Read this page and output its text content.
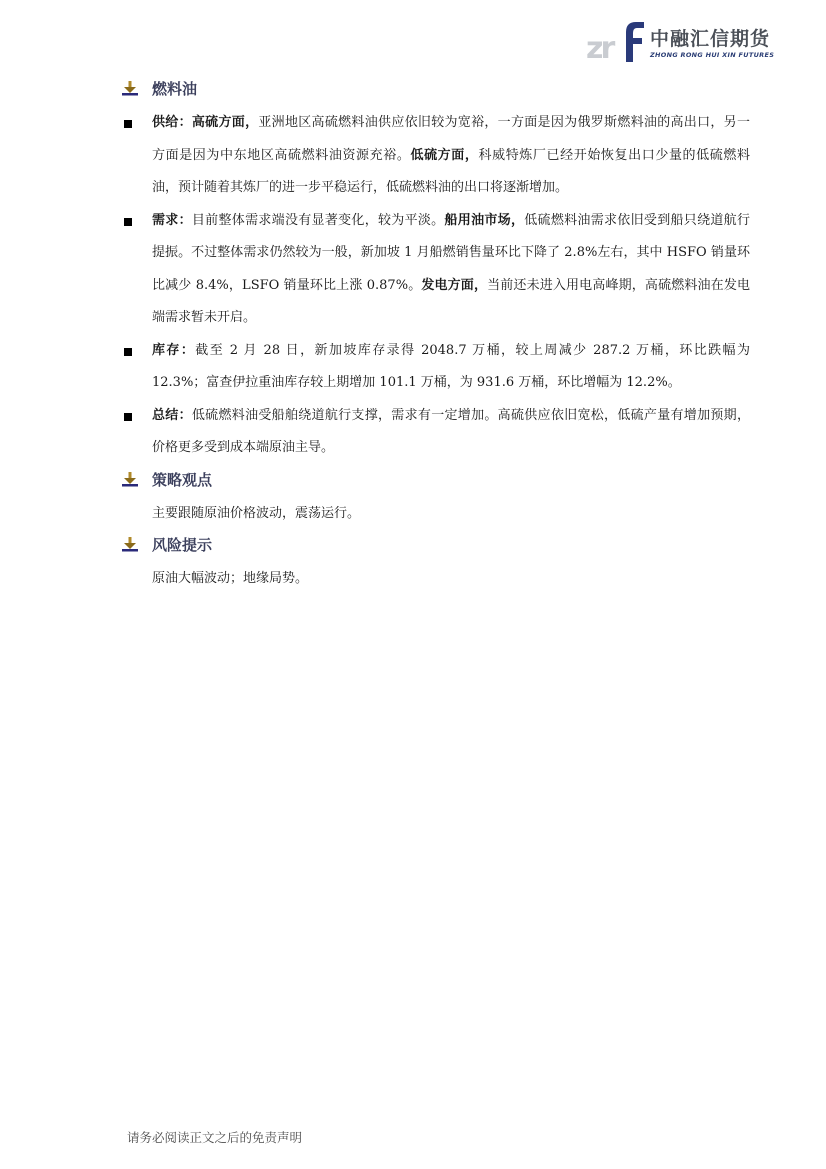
zr 中融汇信期货
ZHONG RONG HUI XIN FUTURES
燃料油
供给：高硫方面，亚洲地区高硫燃料油供应依旧较为宽裕，一方面是因为俄罗斯燃料油的高出口，另一方面是因为中东地区高硫燃料油资源充裕。低硫方面，科威特炼厂已经开始恢复出口少量的低硫燃料油，预计随着其炼厂的进一步平稳运行，低硫燃料油的出口将逐渐增加。
需求：目前整体需求端没有显著变化，较为平淡。船用油市场，低硫燃料油需求依旧受到船只绕道航行提振。不过整体需求仍然较为一般，新加坡 1 月船燃销售量环比下降了 2.8%左右，其中 HSFO 销量环比减少 8.4%，LSFO 销量环比上涨 0.87%。发电方面，当前还未进入用电高峰期，高硫燃料油在发电端需求暂未开启。
库存：截至 2 月 28 日，新加坡库存录得 2048.7 万桶，较上周减少 287.2 万桶，环比跌幅为 12.3%；富查伊拉重油库存较上期增加 101.1 万桶，为 931.6 万桶，环比增幅为 12.2%。
总结：低硫燃料油受船舶绕道航行支撑，需求有一定增加。高硫供应依旧宽松，低硫产量有增加预期，价格更多受到成本端原油主导。
策略观点
主要跟随原油价格波动，震荡运行。
风险提示
原油大幅波动；地缘局势。
请务必阅读正文之后的免责声明
